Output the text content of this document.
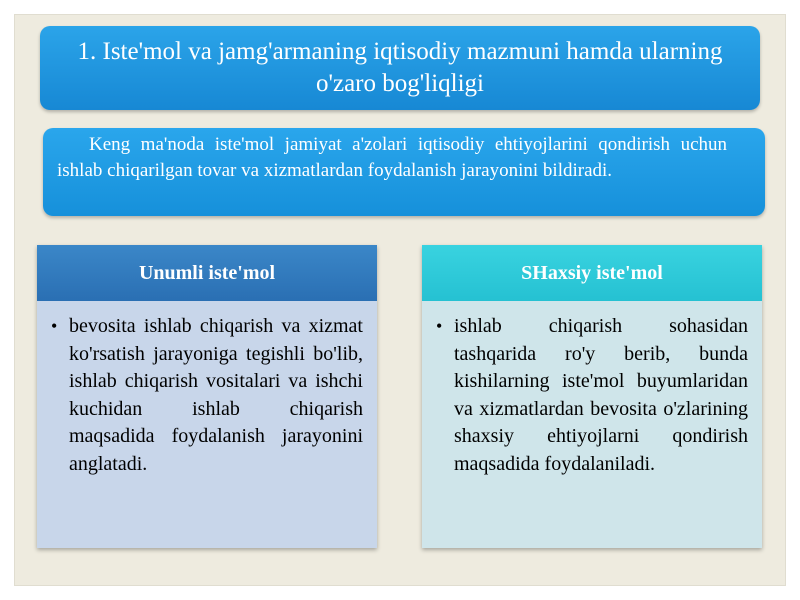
1. Iste'mol va jamg'armaning iqtisodiy mazmuni hamda ularning o'zaro bog'liqligi
Keng ma'noda iste'mol jamiyat a'zolari iqtisodiy ehtiyojlarini qondirish uchun ishlab chiqarilgan tovar va xizmatlardan foydalanish jarayonini bildiradi.
Unumli iste'mol
• bevosita ishlab chiqarish va xizmat ko'rsatish jarayoniga tegishli bo'lib, ishlab chiqarish vositalari va ishchi kuchidan ishlab chiqarish maqsadida foydalanish jarayonini anglatadi.
SHaxsiy iste'mol
• ishlab chiqarish sohasidan tashqarida ro'y berib, bunda kishilarning iste'mol buyumlaridan va xizmatlardan bevosita o'zlarining shaxsiy ehtiyojlarni qondirish maqsadida foydalaniladi.
